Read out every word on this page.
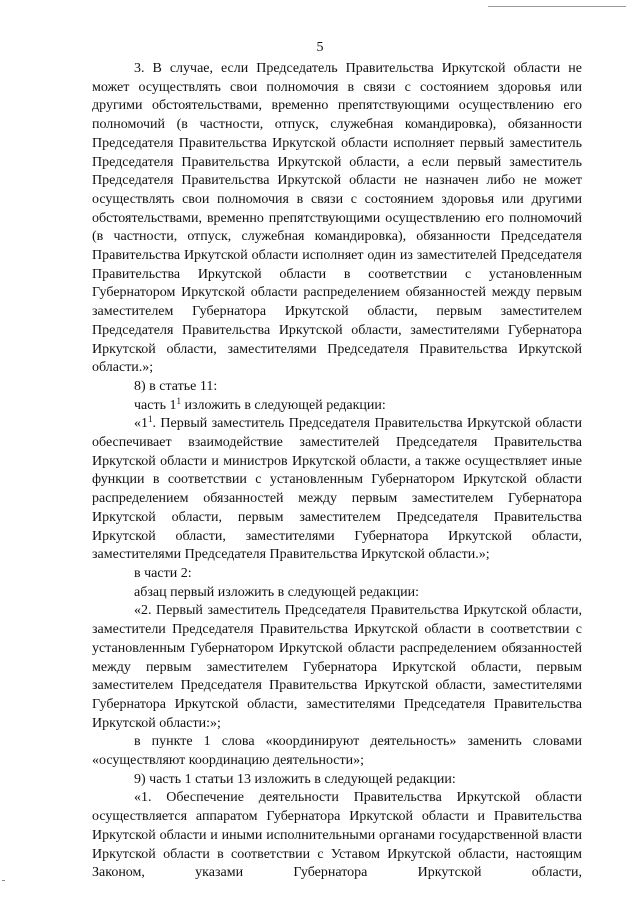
5

3. В случае, если Председатель Правительства Иркутской области не может осуществлять свои полномочия в связи с состоянием здоровья или другими обстоятельствами, временно препятствующими осуществлению его полномочий (в частности, отпуск, служебная командировка), обязанности Председателя Правительства Иркутской области исполняет первый заместитель Председателя Правительства Иркутской области, а если первый заместитель Председателя Правительства Иркутской области не назначен либо не может осуществлять свои полномочия в связи с состоянием здоровья или другими обстоятельствами, временно препятствующими осуществлению его полномочий (в частности, отпуск, служебная командировка), обязанности Председателя Правительства Иркутской области исполняет один из заместителей Председателя Правительства Иркутской области в соответствии с установленным Губернатором Иркутской области распределением обязанностей между первым заместителем Губернатора Иркутской области, первым заместителем Председателя Правительства Иркутской области, заместителями Губернатора Иркутской области, заместителями Председателя Правительства Иркутской области.»;

8) в статье 11:

часть $1^1$ изложить в следующей редакции:

«$1^1$. Первый заместитель Председателя Правительства Иркутской области обеспечивает взаимодействие заместителей Председателя Правительства Иркутской области и министров Иркутской области, а также осуществляет иные функции в соответствии с установленным Губернатором Иркутской области распределением обязанностей между первым заместителем Губернатора Иркутской области, первым заместителем Председателя Правительства Иркутской области, заместителями Губернатора Иркутской области, заместителями Председателя Правительства Иркутской области.»;

в части 2:

абзац первый изложить в следующей редакции:

«2. Первый заместитель Председателя Правительства Иркутской области, заместители Председателя Правительства Иркутской области в соответствии с установленным Губернатором Иркутской области распределением обязанностей между первым заместителем Губернатора Иркутской области, первым заместителем Председателя Правительства Иркутской области, заместителями Губернатора Иркутской области, заместителями Председателя Правительства Иркутской области:»;

в пункте 1 слова «координируют деятельность» заменить словами «осуществляют координацию деятельности»;

9) часть 1 статьи 13 изложить в следующей редакции:

«1. Обеспечение деятельности Правительства Иркутской области осуществляется аппаратом Губернатора Иркутской области и Правительства Иркутской области и иными исполнительными органами государственной власти Иркутской области в соответствии с Уставом Иркутской области, настоящим Законом, указами Губернатора Иркутской области,
